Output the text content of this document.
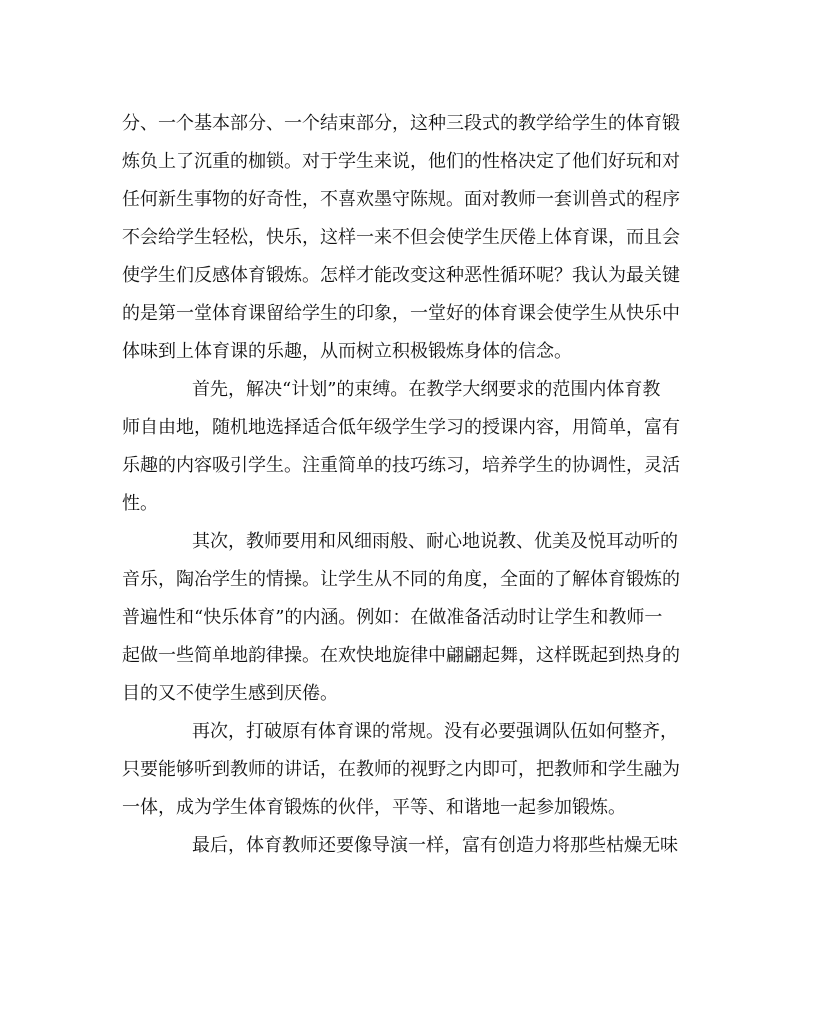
分、一个基本部分、一个结束部分，这种三段式的教学给学生的体育锻
炼负上了沉重的枷锁。对于学生来说，他们的性格决定了他们好玩和对
任何新生事物的好奇性，不喜欢墨守陈规。面对教师一套训兽式的程序
不会给学生轻松，快乐，这样一来不但会使学生厌倦上体育课，而且会
使学生们反感体育锻炼。怎样才能改变这种恶性循环呢？我认为最关键
的是第一堂体育课留给学生的印象，一堂好的体育课会使学生从快乐中
体味到上体育课的乐趣，从而树立积极锻炼身体的信念。
首先，解决“计划”的束缚。在教学大纲要求的范围内体育教
师自由地，随机地选择适合低年级学生学习的授课内容，用简单，富有
乐趣的内容吸引学生。注重简单的技巧练习，培养学生的协调性，灵活
性。
其次，教师要用和风细雨般、耐心地说教、优美及悦耳动听的
音乐，陶冶学生的情操。让学生从不同的角度，全面的了解体育锻炼的
普遍性和“快乐体育”的内涵。例如：在做准备活动时让学生和教师一
起做一些简单地韵律操。在欢快地旋律中翩翩起舞，这样既起到热身的
目的又不使学生感到厌倦。
再次，打破原有体育课的常规。没有必要强调队伍如何整齐，
只要能够听到教师的讲话，在教师的视野之内即可，把教师和学生融为
一体，成为学生体育锻炼的伙伴，平等、和谐地一起参加锻炼。
最后，体育教师还要像导演一样，富有创造力将那些枯燥无味
